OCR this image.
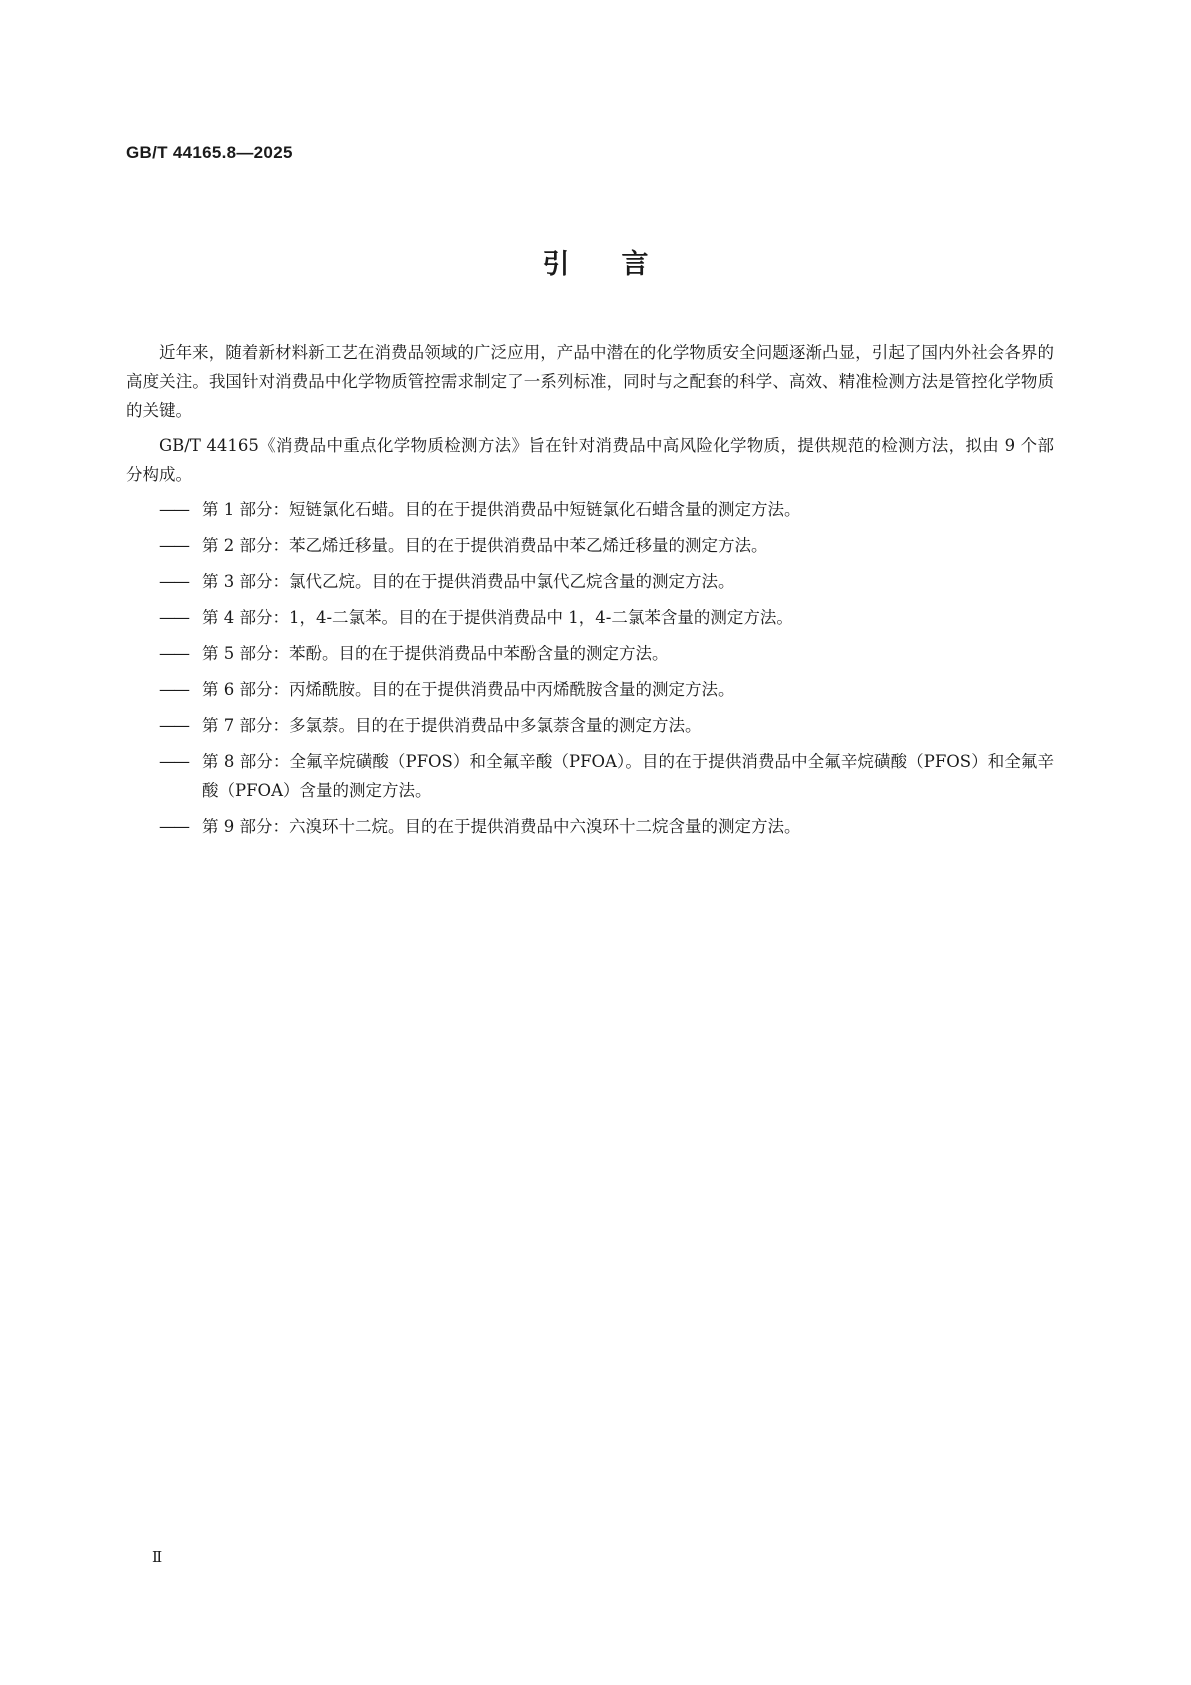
GB/T 44165.8—2025
引言

近年来，随着新材料新工艺在消费品领域的广泛应用，产品中潜在的化学物质安全问题逐渐凸显，引起了国内外社会各界的高度关注。我国针对消费品中化学物质管控需求制定了一系列标准，同时与之配套的科学、高效、精准检测方法是管控化学物质的关键。

GB/T 44165《消费品中重点化学物质检测方法》旨在针对消费品中高风险化学物质，提供规范的检测方法，拟由 9 个部分构成。

—— 第 1 部分：短链氯化石蜡。目的在于提供消费品中短链氯化石蜡含量的测定方法。
—— 第 2 部分：苯乙烯迁移量。目的在于提供消费品中苯乙烯迁移量的测定方法。
—— 第 3 部分：氯代乙烷。目的在于提供消费品中氯代乙烷含量的测定方法。
—— 第 4 部分：1，4-二氯苯。目的在于提供消费品中 1，4-二氯苯含量的测定方法。
—— 第 5 部分：苯酚。目的在于提供消费品中苯酚含量的测定方法。
—— 第 6 部分：丙烯酰胺。目的在于提供消费品中丙烯酰胺含量的测定方法。
—— 第 7 部分：多氯萘。目的在于提供消费品中多氯萘含量的测定方法。
—— 第 8 部分：全氟辛烷磺酸（PFOS）和全氟辛酸（PFOA）。目的在于提供消费品中全氟辛烷磺酸（PFOS）和全氟辛酸（PFOA）含量的测定方法。
—— 第 9 部分：六溴环十二烷。目的在于提供消费品中六溴环十二烷含量的测定方法。
Ⅱ
